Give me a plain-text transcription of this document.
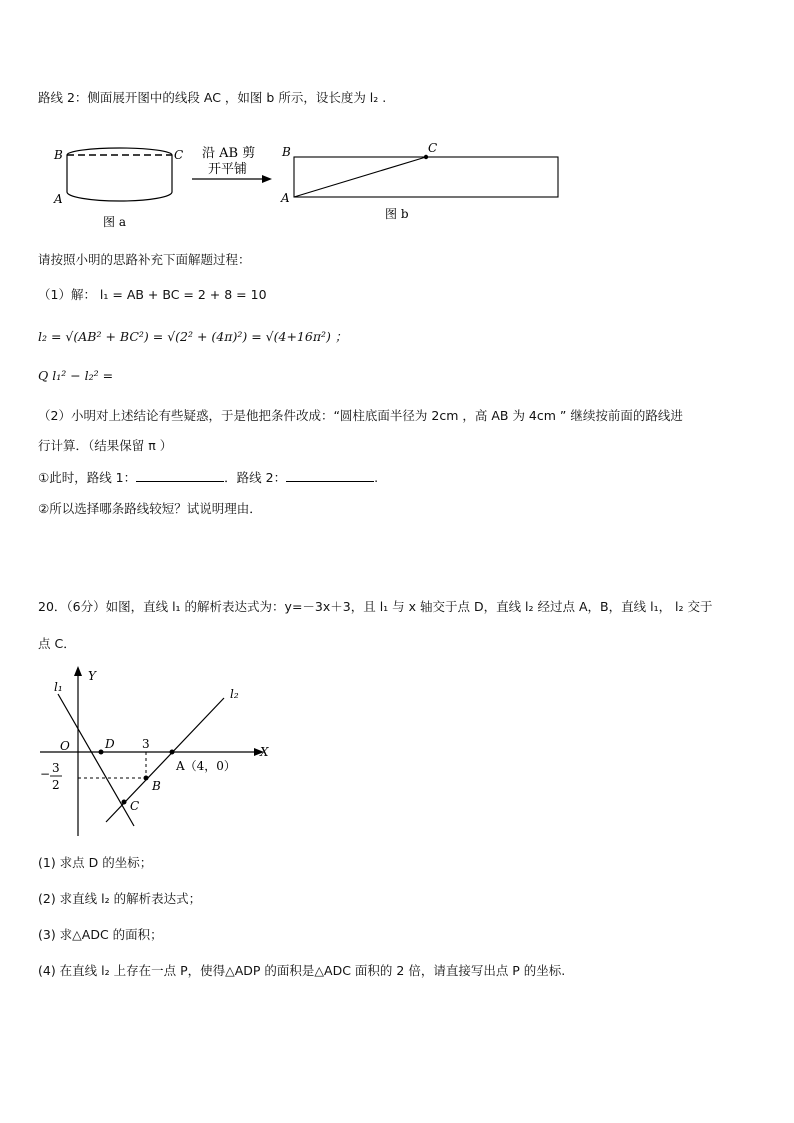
路线 2：侧面展开图中的线段 AC ，如图 b 所示，设长度为 l₂ .
B	C
A
图 a
沿 AB 剪
开平铺
B	C
A
图 b
请按照小明的思路补充下面解题过程：
（1）解： l₁ = AB + BC = 2 + 8 = 10
l₂ = √(AB² + BC²) = √(2² + (4π)²) = √(4+16π²) ；
Q l₁² − l₂² =
（2）小明对上述结论有些疑惑，于是他把条件改成：“圆柱底面半径为 2cm ，高 AB 为 4cm ” 继续按前面的路线进
行计算．（结果保留 π ）
①此时，路线 1：	．路线 2：	.
②所以选择哪条路线较短？试说明理由．
20．（6分）如图，直线 l₁ 的解析表达式为：y=－3x＋3，且 l₁ 与 x 轴交于点 D，直线 l₂ 经过点 A，B，直线 l₁， l₂ 交于
点 C．
l₁	l₂
Y
X
O	D 3
A（4，0）
B
C
− 3
2
(1) 求点 D 的坐标；
(2) 求直线 l₂ 的解析表达式；
(3) 求△ADC 的面积；
(4) 在直线 l₂ 上存在一点 P，使得△ADP 的面积是△ADC 面积的 2 倍，请直接写出点 P 的坐标.
